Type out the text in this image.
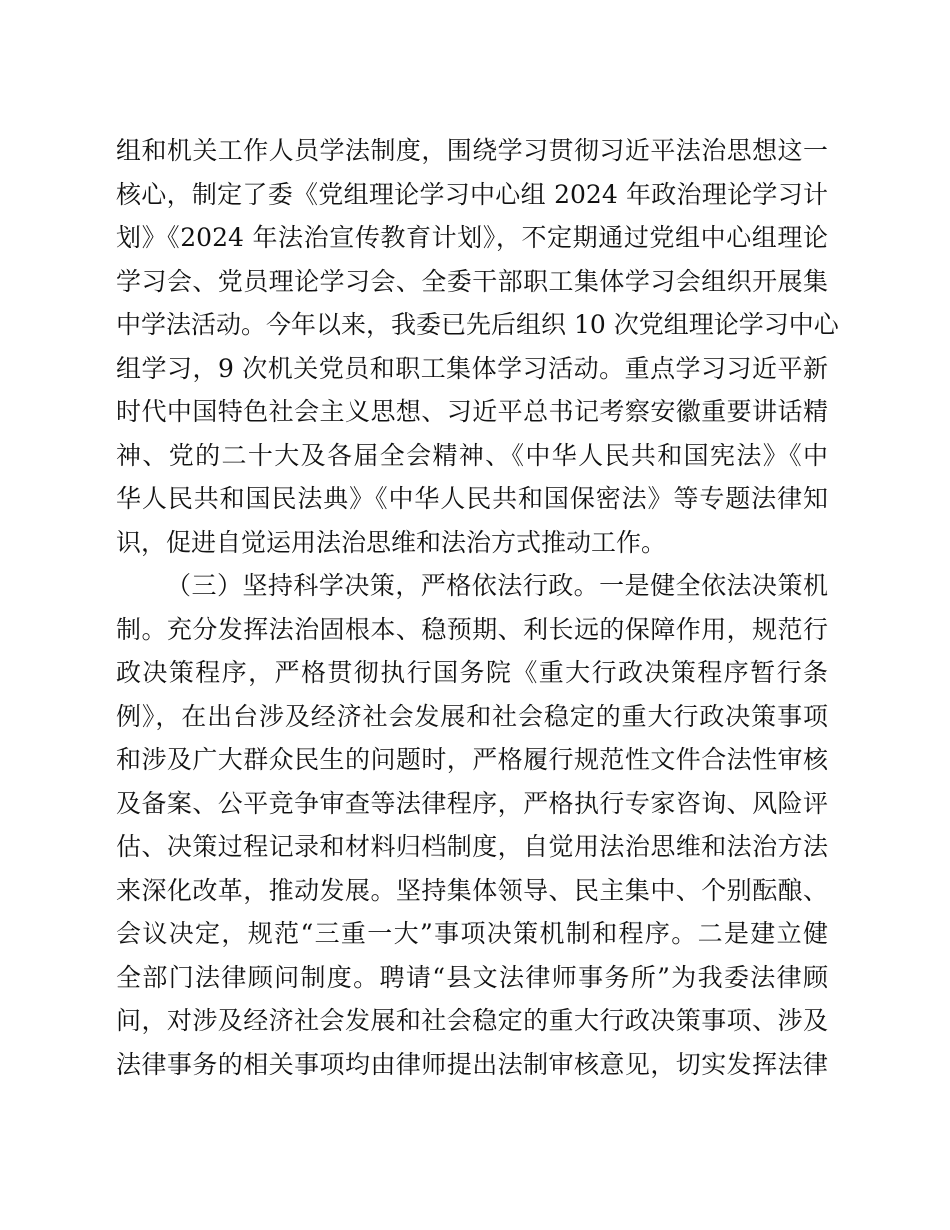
组和机关工作人员学法制度，围绕学习贯彻习近平法治思想这一
核心，制定了委《党组理论学习中心组 2024 年政治理论学习计
划》《2024 年法治宣传教育计划》，不定期通过党组中心组理论
学习会、党员理论学习会、全委干部职工集体学习会组织开展集
中学法活动。今年以来，我委已先后组织 10 次党组理论学习中心
组学习，9 次机关党员和职工集体学习活动。重点学习习近平新
时代中国特色社会主义思想、习近平总书记考察安徽重要讲话精
神、党的二十大及各届全会精神、《中华人民共和国宪法》《中
华人民共和国民法典》《中华人民共和国保密法》等专题法律知
识，促进自觉运用法治思维和法治方式推动工作。
（三）坚持科学决策，严格依法行政。一是健全依法决策机
制。充分发挥法治固根本、稳预期、利长远的保障作用，规范行
政决策程序，严格贯彻执行国务院《重大行政决策程序暂行条
例》，在出台涉及经济社会发展和社会稳定的重大行政决策事项
和涉及广大群众民生的问题时，严格履行规范性文件合法性审核
及备案、公平竞争审查等法律程序，严格执行专家咨询、风险评
估、决策过程记录和材料归档制度，自觉用法治思维和法治方法
来深化改革，推动发展。坚持集体领导、民主集中、个别酝酿、
会议决定，规范“三重一大”事项决策机制和程序。二是建立健
全部门法律顾问制度。聘请“县文法律师事务所”为我委法律顾
问，对涉及经济社会发展和社会稳定的重大行政决策事项、涉及
法律事务的相关事项均由律师提出法制审核意见，切实发挥法律
